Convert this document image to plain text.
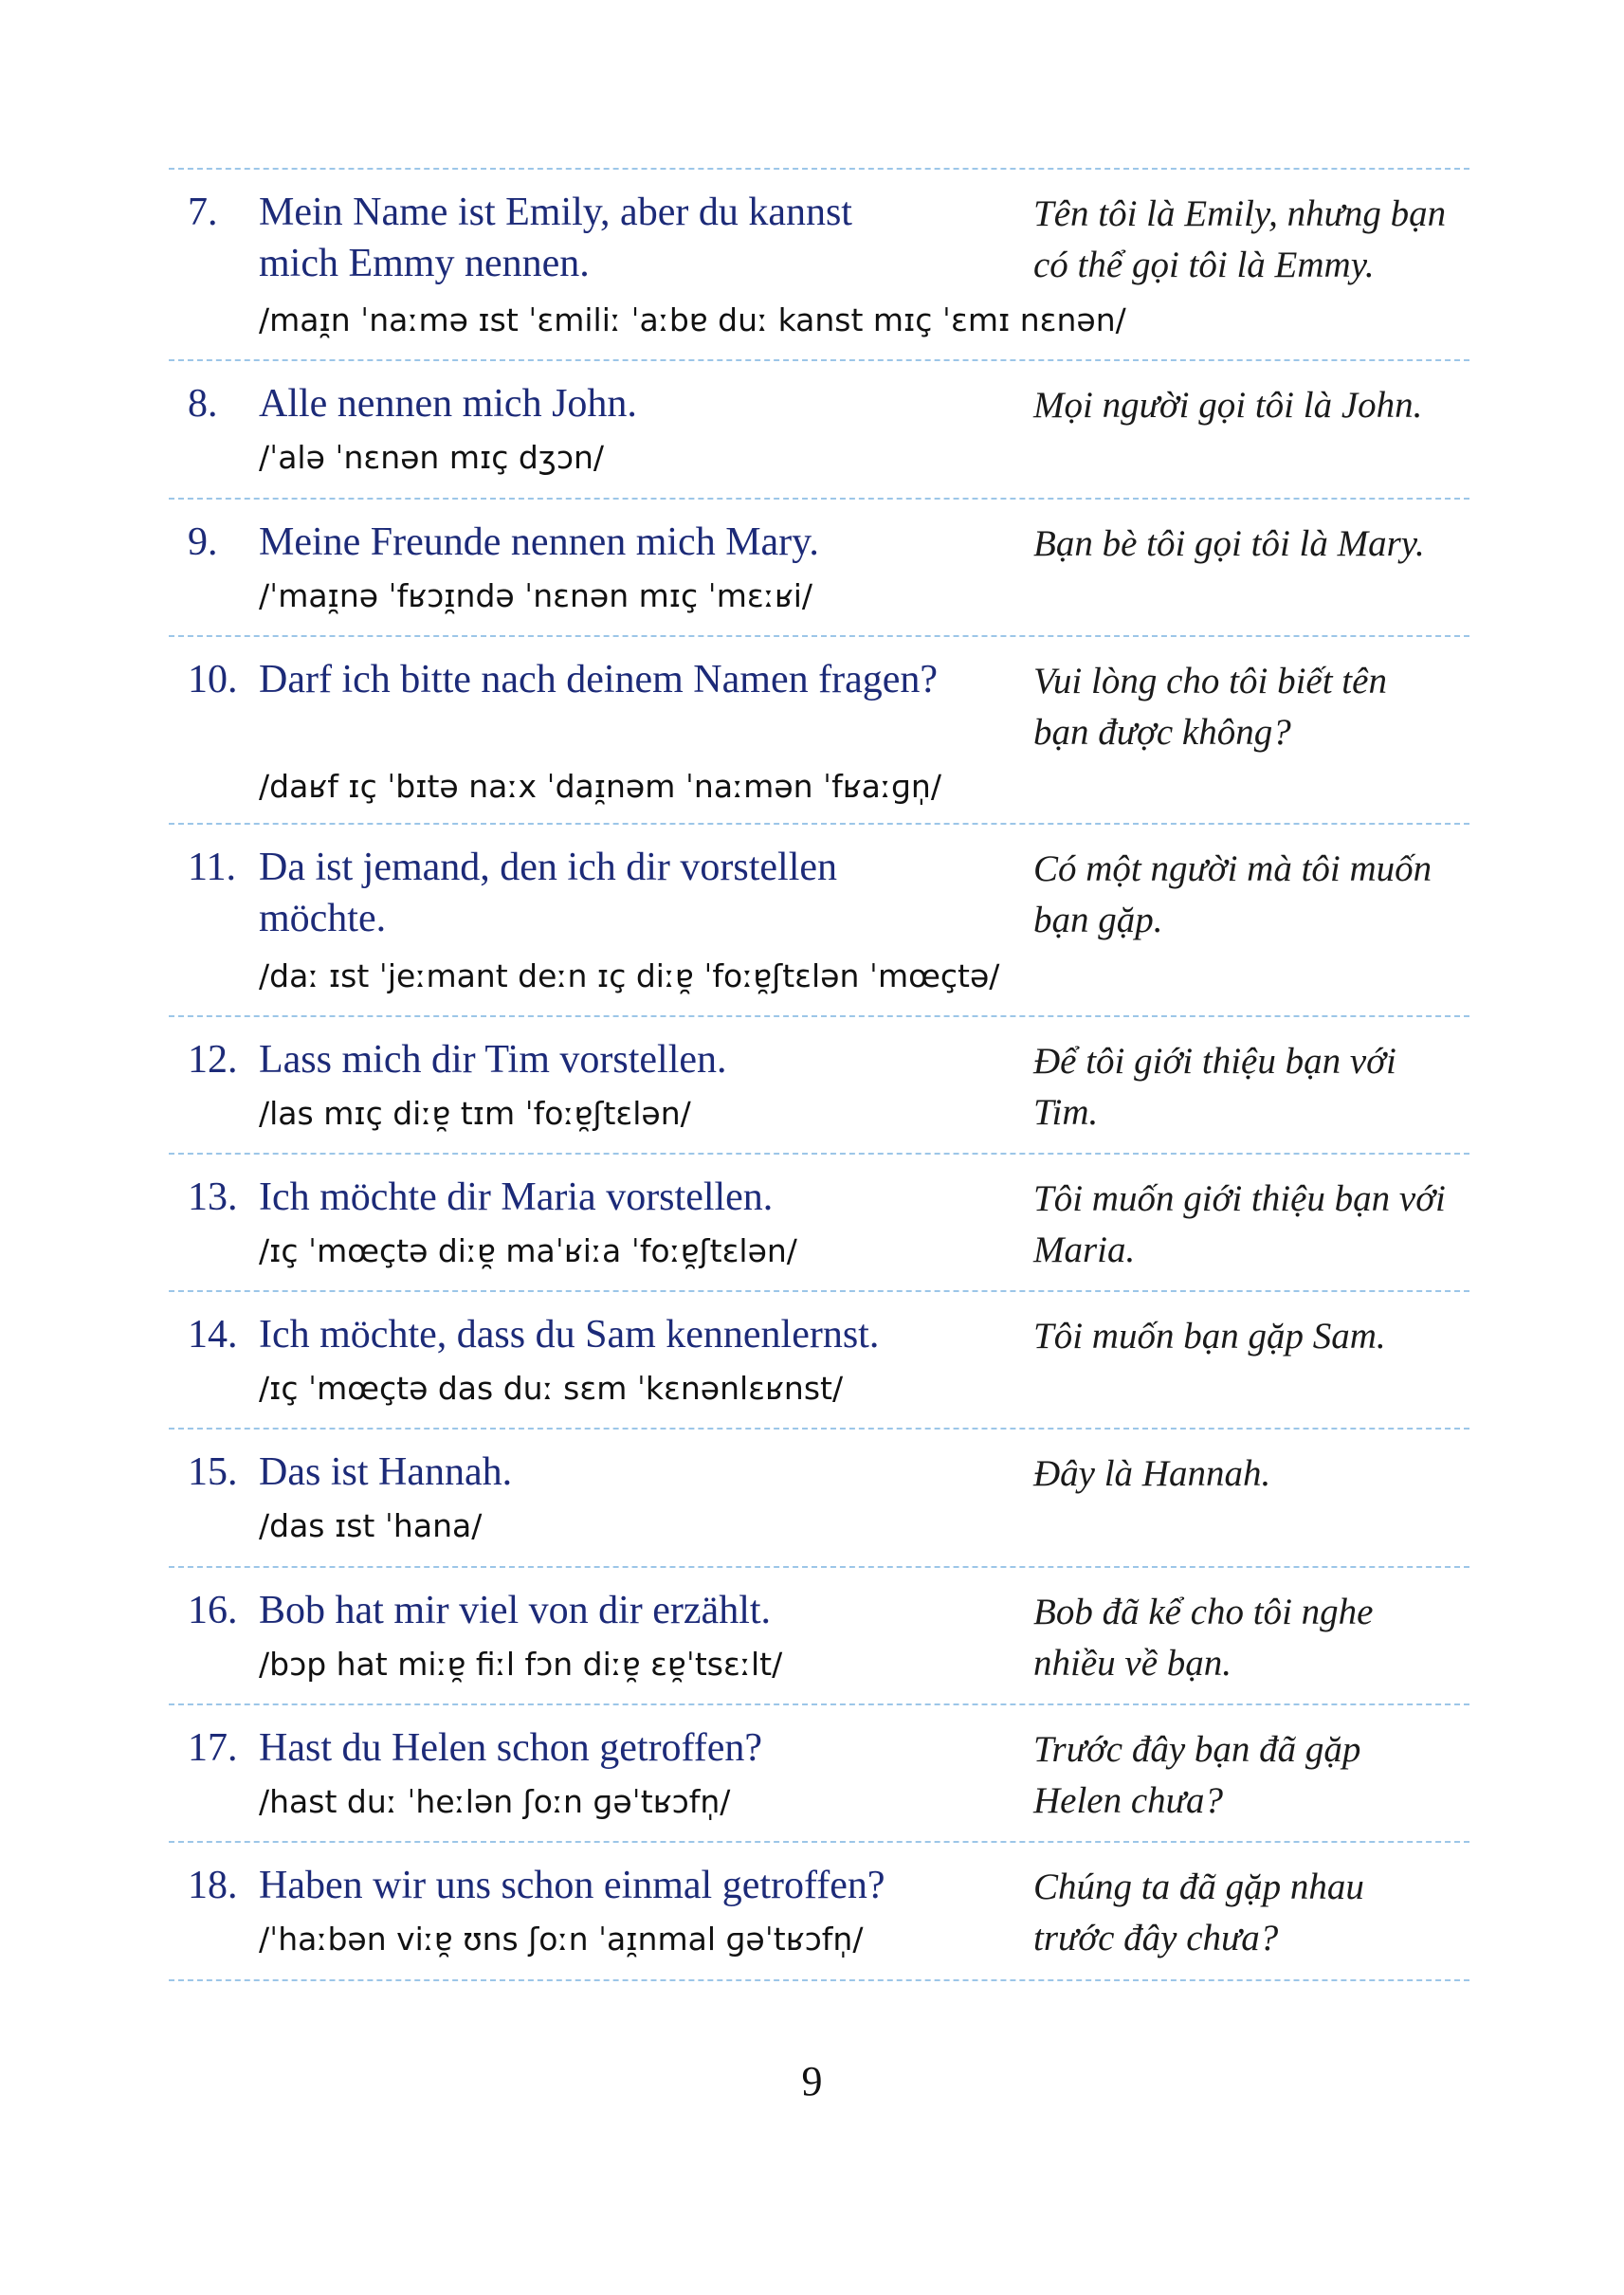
7. Mein Name ist Emily, aber du kannst mich Emmy nennen.
/maɪ̯n ˈnaːmə ɪst ˈɛmiliː ˈaːbɐ duː kanst mɪç ˈɛmɪ nɛnən/
Tên tôi là Emily, nhưng bạn có thể gọi tôi là Emmy.
8. Alle nennen mich John.
/ˈalə ˈnɛnən mɪç dʒɔn/
Mọi người gọi tôi là John.
9. Meine Freunde nennen mich Mary.
/ˈmaɪ̯nə ˈfʁɔɪ̯ndə ˈnɛnən mɪç ˈmɛːʁi/
Bạn bè tôi gọi tôi là Mary.
10. Darf ich bitte nach deinem Namen fragen?
/daʁf ɪç ˈbɪtə naːx ˈdaɪ̯nəm ˈnaːmən ˈfʁaːɡn̩/
Vui lòng cho tôi biết tên bạn được không?
11. Da ist jemand, den ich dir vorstellen möchte.
/daː ɪst ˈjeːmant deːn ɪç diːɐ̯ ˈfoːɐ̯ʃtɛlən ˈmœçtə/
Có một người mà tôi muốn bạn gặp.
12. Lass mich dir Tim vorstellen.
/las mɪç diːɐ̯ tɪm ˈfoːɐ̯ʃtɛlən/
Để tôi giới thiệu bạn với Tim.
13. Ich möchte dir Maria vorstellen.
/ɪç ˈmœçtə diːɐ̯ maˈʁiːa ˈfoːɐ̯ʃtɛlən/
Tôi muốn giới thiệu bạn với Maria.
14. Ich möchte, dass du Sam kennenlernst.
/ɪç ˈmœçtə das duː sɛm ˈkɛnənlɛʁnst/
Tôi muốn bạn gặp Sam.
15. Das ist Hannah.
/das ɪst ˈhana/
Đây là Hannah.
16. Bob hat mir viel von dir erzählt.
/bɔp hat miːɐ̯ fiːl fɔn diːɐ̯ ɛɐ̯ˈtsɛːlt/
Bob đã kể cho tôi nghe nhiều về bạn.
17. Hast du Helen schon getroffen?
/hast duː ˈheːlən ʃoːn ɡəˈtʁɔfn̩/
Trước đây bạn đã gặp Helen chưa?
18. Haben wir uns schon einmal getroffen?
/ˈhaːbən viːɐ̯ ʊns ʃoːn ˈaɪ̯nmal ɡəˈtʁɔfn̩/
Chúng ta đã gặp nhau trước đây chưa?
9
